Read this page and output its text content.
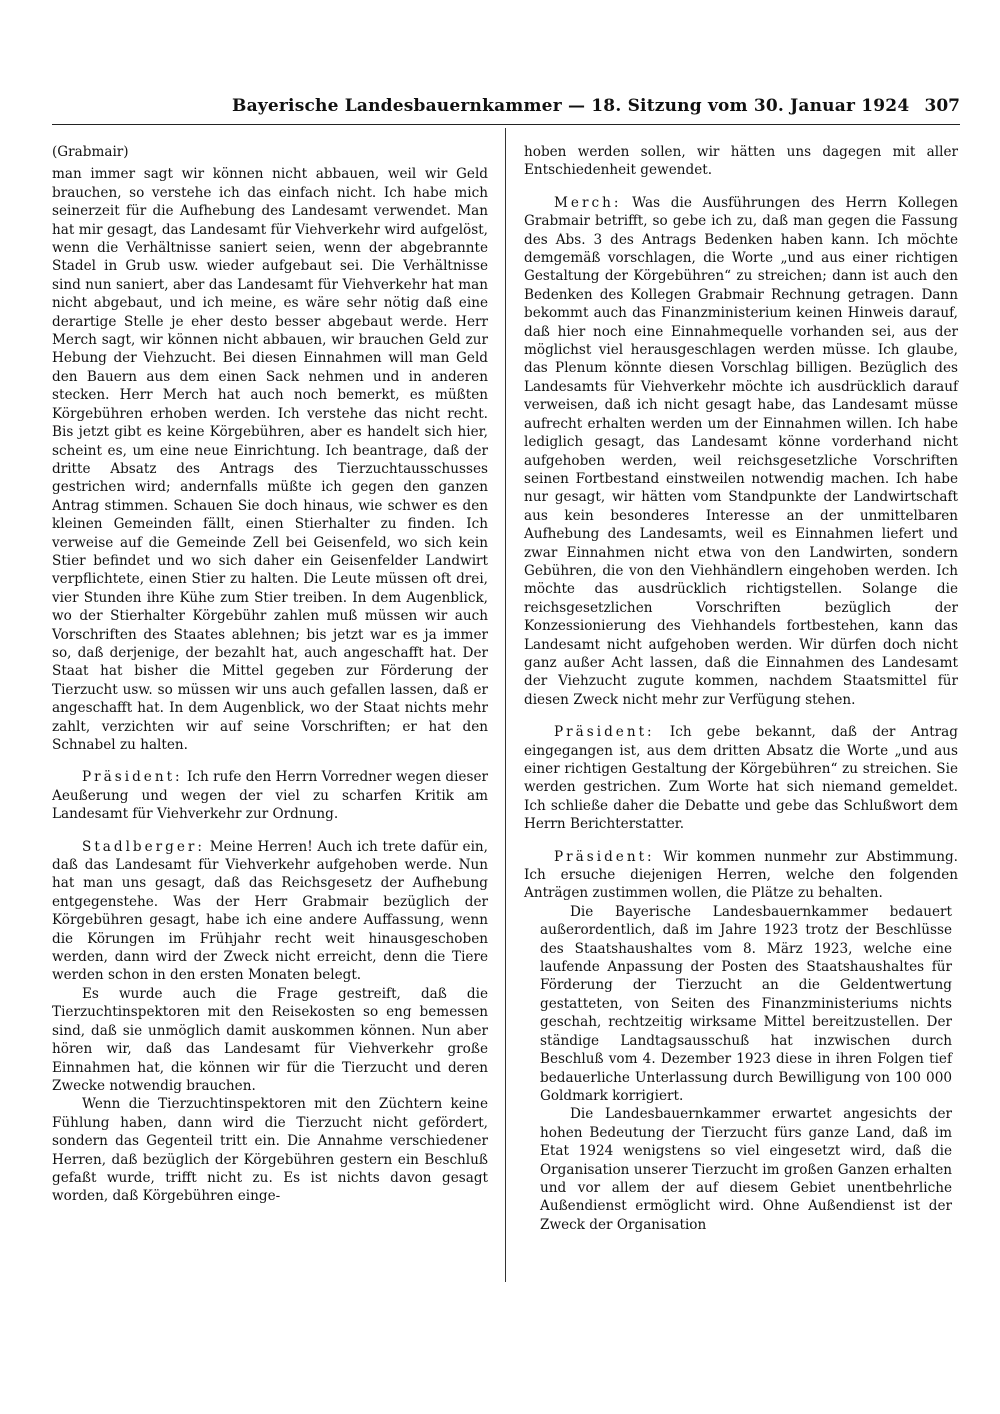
Bayerische Landesbauernkammer — 18. Sitzung vom 30. Januar 1924 307

(Grabmair)

man immer sagt wir können nicht abbauen, weil wir Geld brauchen, so verstehe ich das einfach nicht. Ich habe mich seinerzeit für die Aufhebung des Landesamt verwendet. Man hat mir gesagt, das Landesamt für Viehverkehr wird aufgelöst, wenn die Verhältnisse saniert seien, wenn der abgebrannte Stadel in Grub usw. wieder aufgebaut sei. Die Verhältnisse sind nun saniert, aber das Landesamt für Viehverkehr hat man nicht abgebaut, und ich meine, es wäre sehr nötig daß eine derartige Stelle je eher desto besser abgebaut werde. Herr Merch sagt, wir können nicht abbauen, wir brauchen Geld zur Hebung der Viehzucht. Bei diesen Einnahmen will man Geld den Bauern aus dem einen Sack nehmen und in anderen stecken. Herr Merch hat auch noch bemerkt, es müßten Körgebühren erhoben werden. Ich verstehe das nicht recht. Bis jetzt gibt es keine Körgebühren, aber es handelt sich hier, scheint es, um eine neue Einrichtung. Ich beantrage, daß der dritte Absatz des Antrags des Tierzuchtausschusses gestrichen wird; andernfalls müßte ich gegen den ganzen Antrag stimmen. Schauen Sie doch hinaus, wie schwer es den kleinen Gemeinden fällt, einen Stierhalter zu finden. Ich verweise auf die Gemeinde Zell bei Geisenfeld, wo sich kein Stier befindet und wo sich daher ein Geisenfelder Landwirt verpflichtete, einen Stier zu halten. Die Leute müssen oft drei, vier Stunden ihre Kühe zum Stier treiben. In dem Augenblick, wo der Stierhalter Körgebühr zahlen muß müssen wir auch Vorschriften des Staates ablehnen; bis jetzt war es ja immer so, daß derjenige, der bezahlt hat, auch angeschafft hat. Der Staat hat bisher die Mittel gegeben zur Förderung der Tierzucht usw. so müssen wir uns auch gefallen lassen, daß er angeschafft hat. In dem Augenblick, wo der Staat nichts mehr zahlt, verzichten wir auf seine Vorschriften; er hat den Schnabel zu halten.

Präsident: Ich rufe den Herrn Vorredner wegen dieser Aeußerung und wegen der viel zu scharfen Kritik am Landesamt für Viehverkehr zur Ordnung.

Stadlberger: Meine Herren! Auch ich trete dafür ein, daß das Landesamt für Viehverkehr aufgehoben werde. Nun hat man uns gesagt, daß das Reichsgesetz der Aufhebung entgegenstehe. Was der Herr Grabmair bezüglich der Körgebühren gesagt, habe ich eine andere Auffassung, wenn die Körungen im Frühjahr recht weit hinausgeschoben werden, dann wird der Zweck nicht erreicht, denn die Tiere werden schon in den ersten Monaten belegt.

Es wurde auch die Frage gestreift, daß die Tierzuchtinspektoren mit den Reisekosten so eng bemessen sind, daß sie unmöglich damit auskommen können. Nun aber hören wir, daß das Landesamt für Viehverkehr große Einnahmen hat, die können wir für die Tierzucht und deren Zwecke notwendig brauchen.

Wenn die Tierzuchtinspektoren mit den Züchtern keine Fühlung haben, dann wird die Tierzucht nicht gefördert, sondern das Gegenteil tritt ein. Die Annahme verschiedener Herren, daß bezüglich der Körgebühren gestern ein Beschluß gefaßt wurde, trifft nicht zu. Es ist nichts davon gesagt worden, daß Körgebühren einge-

hoben werden sollen, wir hätten uns dagegen mit aller Entschiedenheit gewendet.

Merch: Was die Ausführungen des Herrn Kollegen Grabmair betrifft, so gebe ich zu, daß man gegen die Fassung des Abs. 3 des Antrags Bedenken haben kann. Ich möchte demgemäß vorschlagen, die Worte „und aus einer richtigen Gestaltung der Körgebühren“ zu streichen; dann ist auch den Bedenken des Kollegen Grabmair Rechnung getragen. Dann bekommt auch das Finanzministerium keinen Hinweis darauf, daß hier noch eine Einnahmequelle vorhanden sei, aus der möglichst viel herausgeschlagen werden müsse. Ich glaube, das Plenum könnte diesen Vorschlag billigen. Bezüglich des Landesamts für Viehverkehr möchte ich ausdrücklich darauf verweisen, daß ich nicht gesagt habe, das Landesamt müsse aufrecht erhalten werden um der Einnahmen willen. Ich habe lediglich gesagt, das Landesamt könne vorderhand nicht aufgehoben werden, weil reichsgesetzliche Vorschriften seinen Fortbestand einstweilen notwendig machen. Ich habe nur gesagt, wir hätten vom Standpunkte der Landwirtschaft aus kein besonderes Interesse an der unmittelbaren Aufhebung des Landesamts, weil es Einnahmen liefert und zwar Einnahmen nicht etwa von den Landwirten, sondern Gebühren, die von den Viehhändlern eingehoben werden. Ich möchte das ausdrücklich richtigstellen. Solange die reichsgesetzlichen Vorschriften bezüglich der Konzessionierung des Viehhandels fortbestehen, kann das Landesamt nicht aufgehoben werden. Wir dürfen doch nicht ganz außer Acht lassen, daß die Einnahmen des Landesamt der Viehzucht zugute kommen, nachdem Staatsmittel für diesen Zweck nicht mehr zur Verfügung stehen.

Präsident: Ich gebe bekannt, daß der Antrag eingegangen ist, aus dem dritten Absatz die Worte „und aus einer richtigen Gestaltung der Körgebühren“ zu streichen. Sie werden gestrichen. Zum Worte hat sich niemand gemeldet. Ich schließe daher die Debatte und gebe das Schlußwort dem Herrn Berichterstatter.

Präsident: Wir kommen nunmehr zur Abstimmung. Ich ersuche diejenigen Herren, welche den folgenden Anträgen zustimmen wollen, die Plätze zu behalten.

Die Bayerische Landesbauernkammer bedauert außerordentlich, daß im Jahre 1923 trotz der Beschlüsse des Staatshaushaltes vom 8. März 1923, welche eine laufende Anpassung der Posten des Staatshaushaltes für Förderung der Tierzucht an die Geldentwertung gestatteten, von Seiten des Finanzministeriums nichts geschah, rechtzeitig wirksame Mittel bereitzustellen. Der ständige Landtagsausschuß hat inzwischen durch Beschluß vom 4. Dezember 1923 diese in ihren Folgen tief bedauerliche Unterlassung durch Bewilligung von 100 000 Goldmark korrigiert.

Die Landesbauernkammer erwartet angesichts der hohen Bedeutung der Tierzucht fürs ganze Land, daß im Etat 1924 wenigstens so viel eingesetzt wird, daß die Organisation unserer Tierzucht im großen Ganzen erhalten und vor allem der auf diesem Gebiet unentbehrliche Außendienst ermöglicht wird. Ohne Außendienst ist der Zweck der Organisation
